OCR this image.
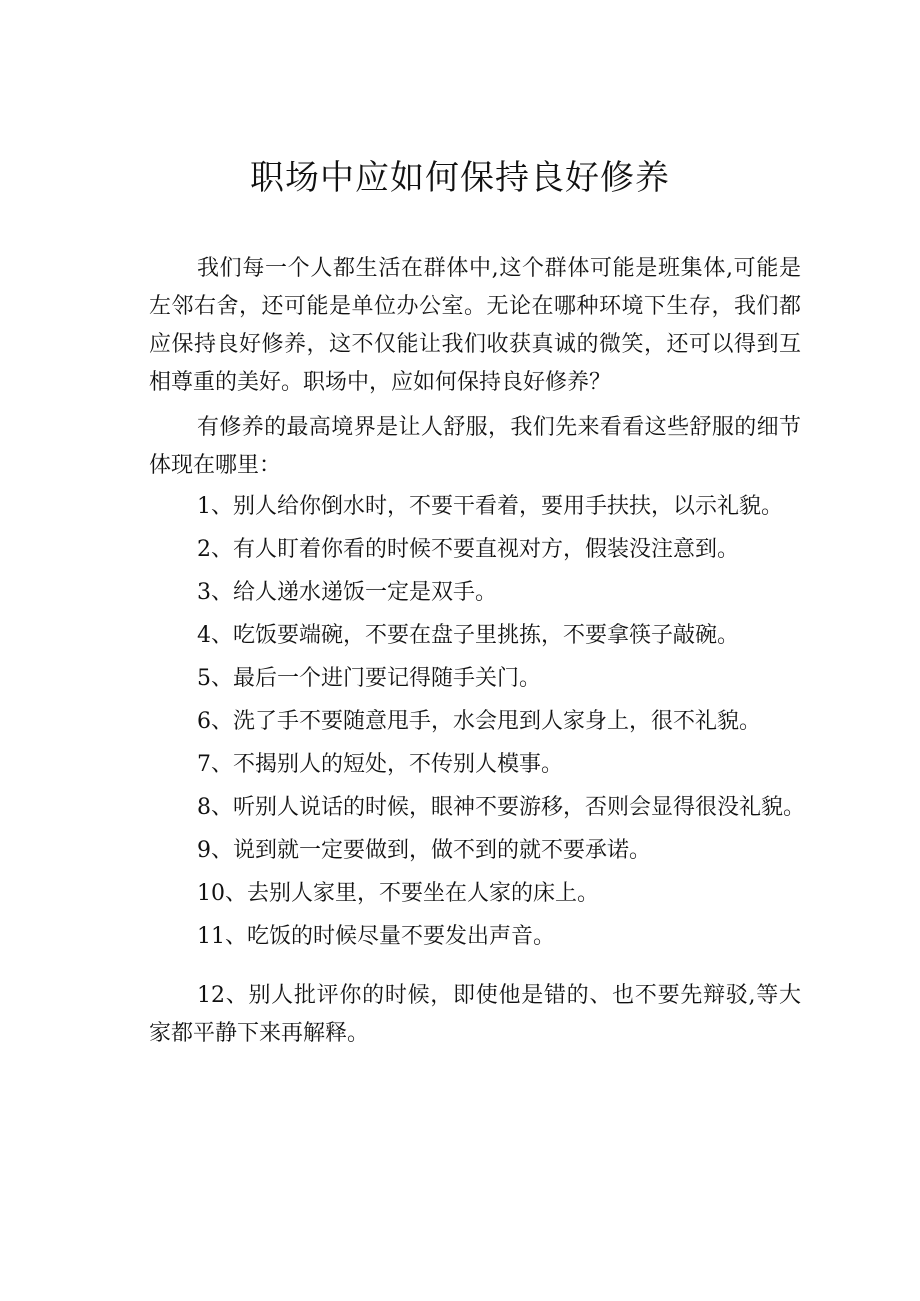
职场中应如何保持良好修养

我们每一个人都生活在群体中,这个群体可能是班集体,可能是左邻右舍，还可能是单位办公室。无论在哪种环境下生存，我们都应保持良好修养，这不仅能让我们收获真诚的微笑，还可以得到互相尊重的美好。职场中，应如何保持良好修养？

有修养的最高境界是让人舒服，我们先来看看这些舒服的细节体现在哪里：

1、别人给你倒水时，不要干看着，要用手扶扶，以示礼貌。

2、有人盯着你看的时候不要直视对方，假装没注意到。

3、给人递水递饭一定是双手。

4、吃饭要端碗，不要在盘子里挑拣，不要拿筷子敲碗。

5、最后一个进门要记得随手关门。

6、洗了手不要随意甩手，水会甩到人家身上，很不礼貌。

7、不揭别人的短处，不传别人模事。

8、听别人说话的时候，眼神不要游移，否则会显得很没礼貌。

9、说到就一定要做到，做不到的就不要承诺。

10、去别人家里，不要坐在人家的床上。

11、吃饭的时候尽量不要发出声音。

12、别人批评你的时候，即使他是错的、也不要先辩驳,等大家都平静下来再解释。
